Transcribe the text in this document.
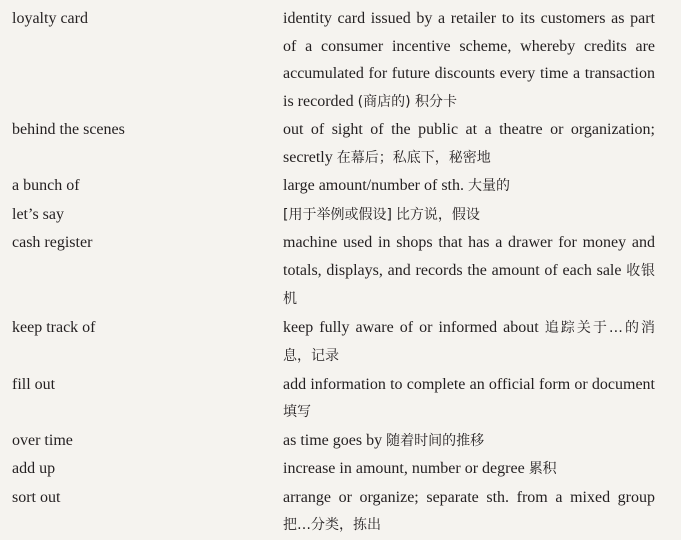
loyalty card	identity card issued by a retailer to its customers as part of a consumer incentive scheme, whereby credits are accumulated for future discounts every time a transaction is recorded (商店的) 积分卡
behind the scenes	out of sight of the public at a theatre or organization; secretly 在幕后；私底下，秘密地
a bunch of	large amount/number of sth. 大量的
let’s say	[用于举例或假设] 比方说，假设
cash register	machine used in shops that has a drawer for money and totals, displays, and records the amount of each sale 收银机
keep track of	keep fully aware of or informed about 追踪关于…的消息，记录
fill out	add information to complete an official form or document 填写
over time	as time goes by 随着时间的推移
add up	increase in amount, number or degree 累积
sort out	arrange or organize; separate sth. from a mixed group 把…分类，拣出
